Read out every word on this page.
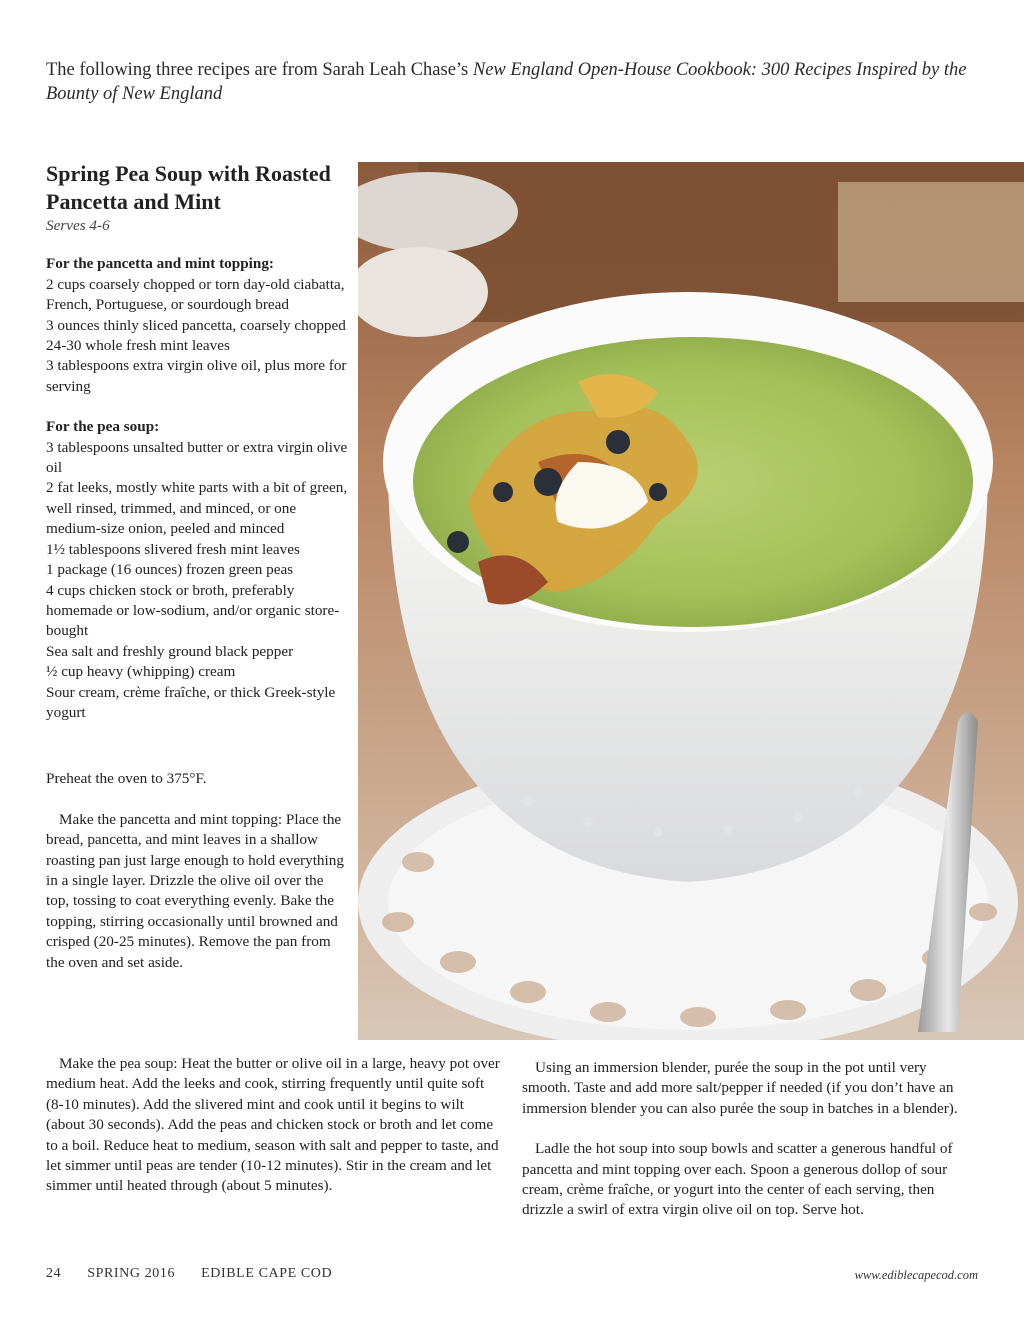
The following three recipes are from Sarah Leah Chase’s New England Open-House Cookbook: 300 Recipes Inspired by the Bounty of New England

Spring Pea Soup with Roasted Pancetta and Mint

Serves 4-6

For the pancetta and mint topping:

2 cups coarsely chopped or torn day-old ciabatta, French, Portuguese, or sourdough bread

3 ounces thinly sliced pancetta, coarsely chopped

24-30 whole fresh mint leaves

3 tablespoons extra virgin olive oil, plus more for serving

For the pea soup:

3 tablespoons unsalted butter or extra virgin olive oil

2 fat leeks, mostly white parts with a bit of green, well rinsed, trimmed, and minced, or one medium-size onion, peeled and minced

1½ tablespoons slivered fresh mint leaves

1 package (16 ounces) frozen green peas

4 cups chicken stock or broth, preferably homemade or low-sodium, and/or organic store-bought

Sea salt and freshly ground black pepper

½ cup heavy (whipping) cream

Sour cream, crème fraîche, or thick Greek-style yogurt

Preheat the oven to 375°F.

Make the pancetta and mint topping: Place the bread, pancetta, and mint leaves in a shallow roasting pan just large enough to hold everything in a single layer. Drizzle the olive oil over the top, tossing to coat everything evenly. Bake the topping, stirring occasionally until browned and crisped (20-25 minutes). Remove the pan from the oven and set aside.

Make the pea soup: Heat the butter or olive oil in a large, heavy pot over medium heat. Add the leeks and cook, stirring frequently until quite soft (8-10 minutes). Add the slivered mint and cook until it begins to wilt (about 30 seconds). Add the peas and chicken stock or broth and let come to a boil. Reduce heat to medium, season with salt and pepper to taste, and let simmer until peas are tender (10-12 minutes). Stir in the cream and let simmer until heated through (about 5 minutes).

Using an immersion blender, purée the soup in the pot until very smooth. Taste and add more salt/pepper if needed (if you don’t have an immersion blender you can also purée the soup in batches in a blender).

Ladle the hot soup into soup bowls and scatter a generous handful of pancetta and mint topping over each. Spoon a generous dollop of sour cream, crème fraîche, or yogurt into the center of each serving, then drizzle a swirl of extra virgin olive oil on top. Serve hot.

24 SPRING 2016 EDIBLE CAPE COD	www.ediblecapecod.com
